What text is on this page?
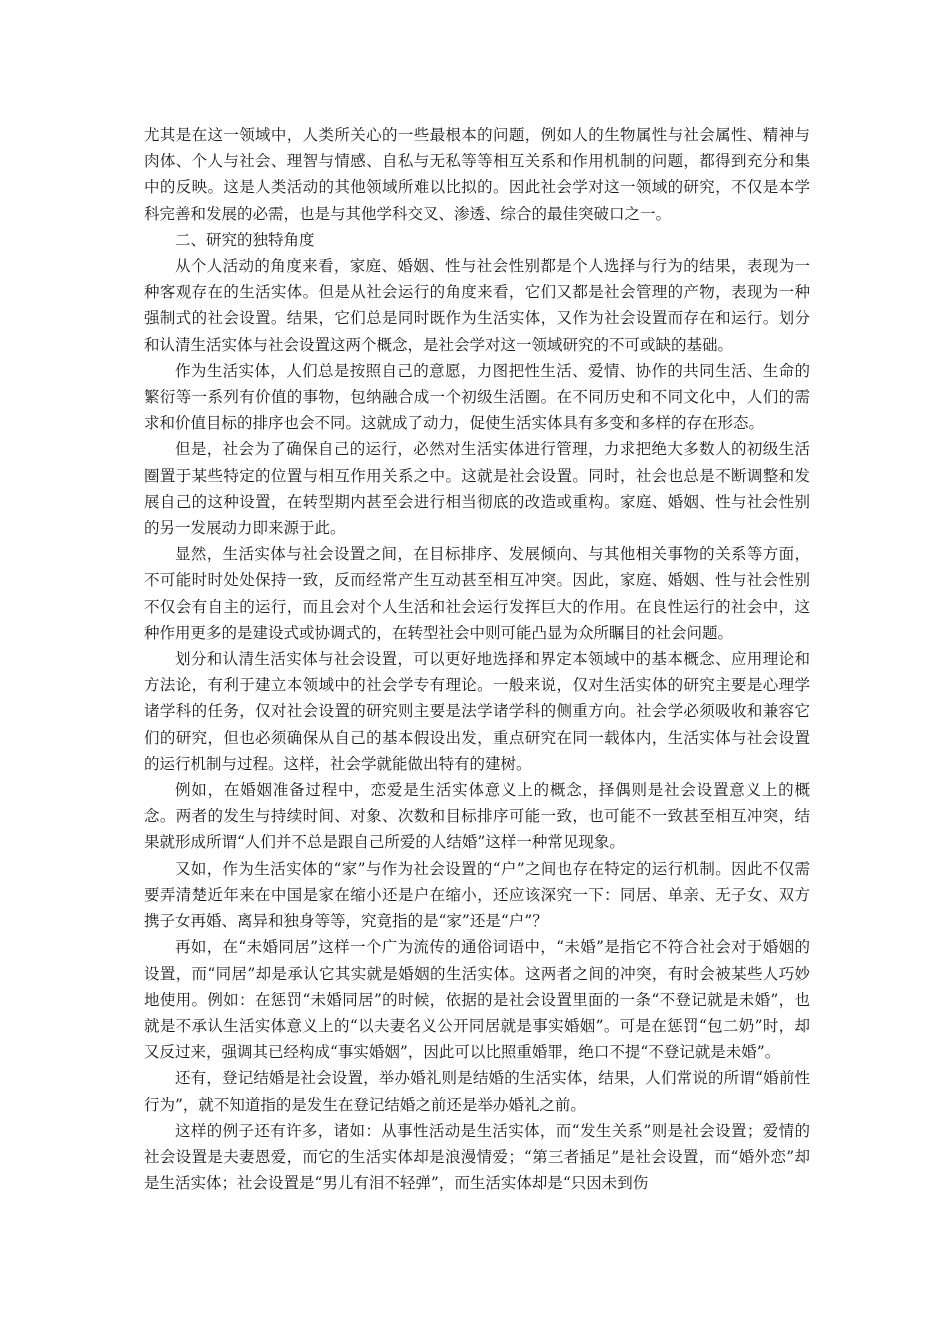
尤其是在这一领域中，人类所关心的一些最根本的问题，例如人的生物属性与社会属性、精神与肉体、个人与社会、理智与情感、自私与无私等等相互关系和作用机制的问题，都得到充分和集中的反映。这是人类活动的其他领域所难以比拟的。因此社会学对这一领域的研究，不仅是本学科完善和发展的必需，也是与其他学科交叉、渗透、综合的最佳突破口之一。

二、研究的独特角度

从个人活动的角度来看，家庭、婚姻、性与社会性别都是个人选择与行为的结果，表现为一种客观存在的生活实体。但是从社会运行的角度来看，它们又都是社会管理的产物，表现为一种强制式的社会设置。结果，它们总是同时既作为生活实体，又作为社会设置而存在和运行。划分和认清生活实体与社会设置这两个概念，是社会学对这一领域研究的不可或缺的基础。

作为生活实体，人们总是按照自己的意愿，力图把性生活、爱情、协作的共同生活、生命的繁衍等一系列有价值的事物，包纳融合成一个初级生活圈。在不同历史和不同文化中，人们的需求和价值目标的排序也会不同。这就成了动力，促使生活实体具有多变和多样的存在形态。

但是，社会为了确保自己的运行，必然对生活实体进行管理，力求把绝大多数人的初级生活圈置于某些特定的位置与相互作用关系之中。这就是社会设置。同时，社会也总是不断调整和发展自己的这种设置，在转型期内甚至会进行相当彻底的改造或重构。家庭、婚姻、性与社会性别的另一发展动力即来源于此。

显然，生活实体与社会设置之间，在目标排序、发展倾向、与其他相关事物的关系等方面，不可能时时处处保持一致，反而经常产生互动甚至相互冲突。因此，家庭、婚姻、性与社会性别不仅会有自主的运行，而且会对个人生活和社会运行发挥巨大的作用。在良性运行的社会中，这种作用更多的是建设式或协调式的，在转型社会中则可能凸显为众所瞩目的社会问题。

划分和认清生活实体与社会设置，可以更好地选择和界定本领域中的基本概念、应用理论和方法论，有利于建立本领域中的社会学专有理论。一般来说，仅对生活实体的研究主要是心理学诸学科的任务，仅对社会设置的研究则主要是法学诸学科的侧重方向。社会学必须吸收和兼容它们的研究，但也必须确保从自己的基本假设出发，重点研究在同一载体内，生活实体与社会设置的运行机制与过程。这样，社会学就能做出特有的建树。

例如，在婚姻准备过程中，恋爱是生活实体意义上的概念，择偶则是社会设置意义上的概念。两者的发生与持续时间、对象、次数和目标排序可能一致，也可能不一致甚至相互冲突，结果就形成所谓“人们并不总是跟自己所爱的人结婚”这样一种常见现象。

又如，作为生活实体的“家”与作为社会设置的“户”之间也存在特定的运行机制。因此不仅需要弄清楚近年来在中国是家在缩小还是户在缩小，还应该深究一下：同居、单亲、无子女、双方携子女再婚、离异和独身等等，究竟指的是“家”还是“户”？

再如，在“未婚同居”这样一个广为流传的通俗词语中，“未婚”是指它不符合社会对于婚姻的设置，而“同居”却是承认它其实就是婚姻的生活实体。这两者之间的冲突，有时会被某些人巧妙地使用。例如：在惩罚“未婚同居”的时候，依据的是社会设置里面的一条“不登记就是未婚”，也就是不承认生活实体意义上的“以夫妻名义公开同居就是事实婚姻”。可是在惩罚“包二奶”时，却又反过来，强调其已经构成“事实婚姻”，因此可以比照重婚罪，绝口不提“不登记就是未婚”。

还有，登记结婚是社会设置，举办婚礼则是结婚的生活实体，结果，人们常说的所谓“婚前性行为”，就不知道指的是发生在登记结婚之前还是举办婚礼之前。

这样的例子还有许多，诸如：从事性活动是生活实体，而“发生关系”则是社会设置；爱情的社会设置是夫妻恩爱，而它的生活实体却是浪漫情爱；“第三者插足”是社会设置，而“婚外恋”却是生活实体；社会设置是“男儿有泪不轻弹”，而生活实体却是“只因未到伤
